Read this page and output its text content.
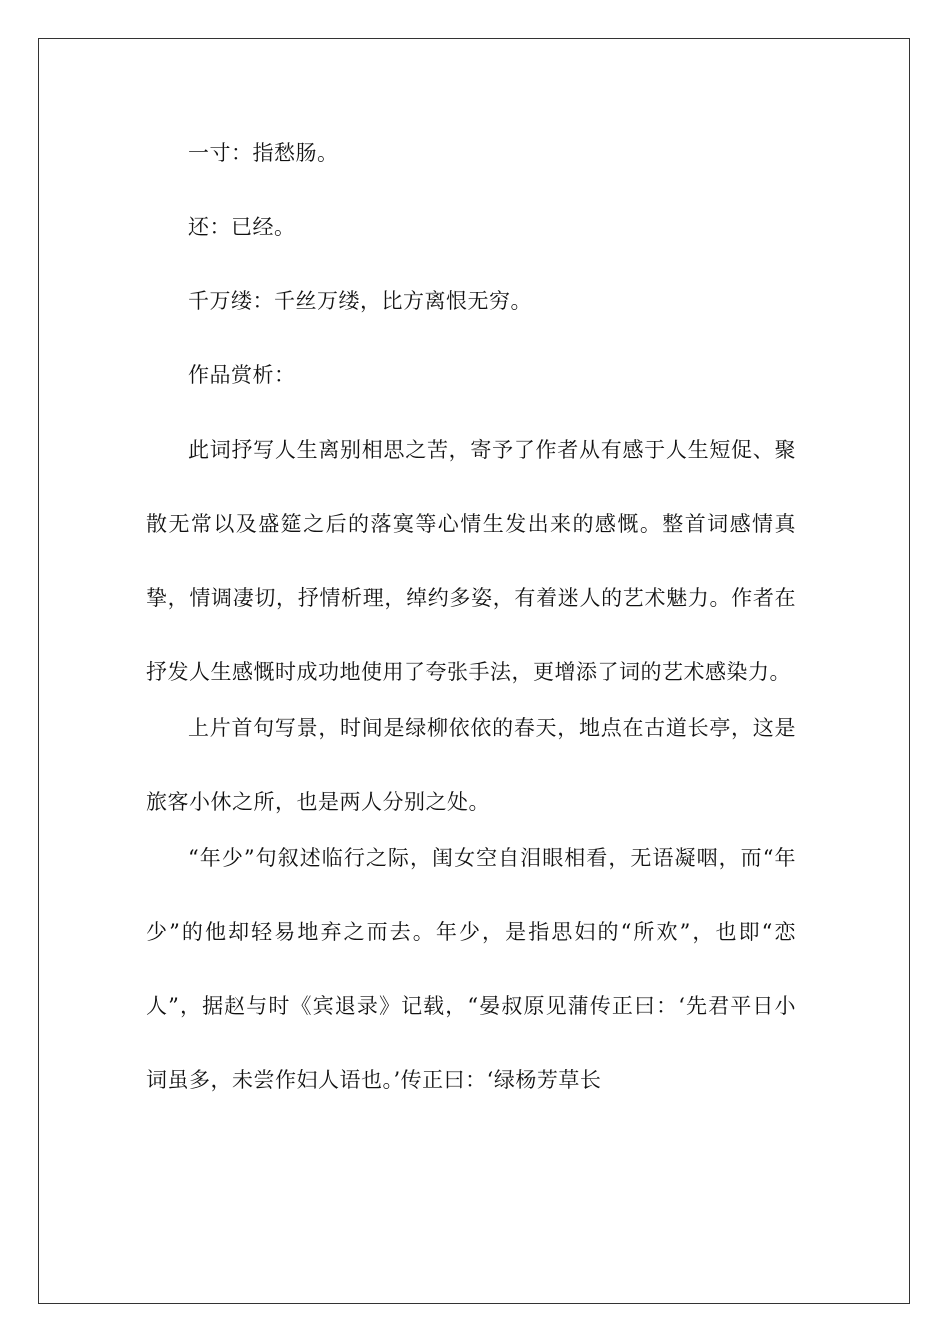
一寸：指愁肠。

还：已经。

千万缕：千丝万缕，比方离恨无穷。

作品赏析：

此词抒写人生离别相思之苦，寄予了作者从有感于人生短促、聚散无常以及盛筵之后的落寞等心情生发出来的感慨。整首词感情真挚，情调凄切，抒情析理，绰约多姿，有着迷人的艺术魅力。作者在抒发人生感慨时成功地使用了夸张手法，更增添了词的艺术感染力。

上片首句写景，时间是绿柳依依的春天，地点在古道长亭，这是旅客小休之所，也是两人分别之处。

“年少”句叙述临行之际，闺女空自泪眼相看，无语凝咽，而“年少”的他却轻易地弃之而去。年少，是指思妇的“所欢”，也即“恋人”，据赵与时《宾退录》记载，“晏叔原见蒲传正曰：‘先君平日小词虽多，未尝作妇人语也。’传正曰：‘绿杨芳草长
